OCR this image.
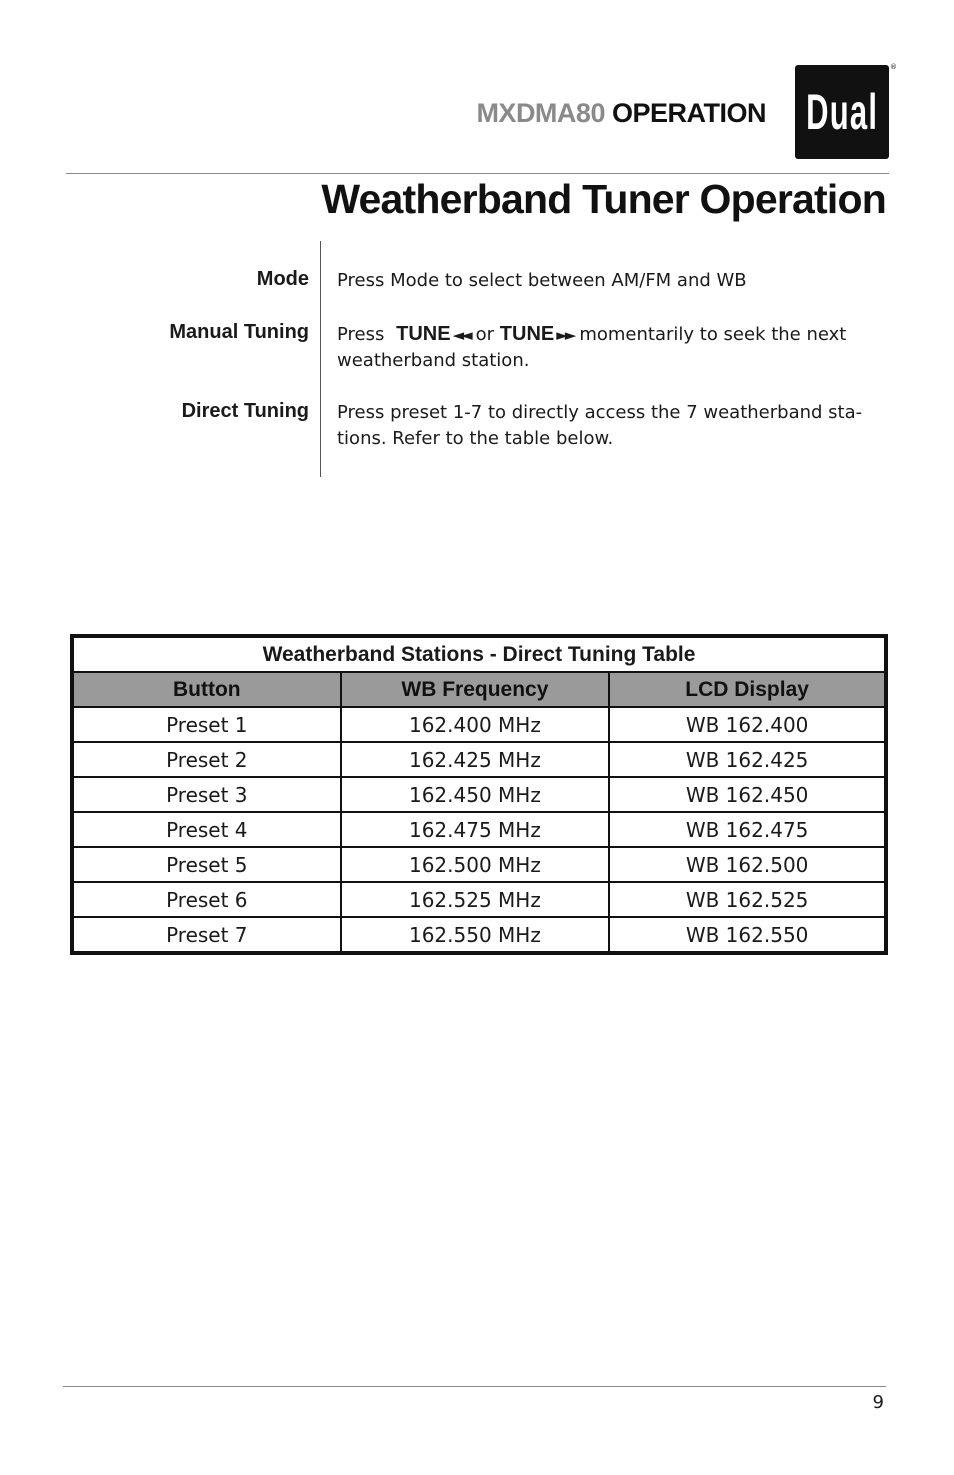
MXDMA80 OPERATION Dual
®
Weatherband Tuner Operation
Mode Press Mode to select between AM/FM and WB
Manual Tuning Press TUNE ◄◄ or TUNE ►► momentarily to seek the next weatherband station.
Direct Tuning Press preset 1-7 to directly access the 7 weatherband sta-tions. Refer to the table below.
Weatherband Stations - Direct Tuning Table		
Button	WB Frequency	LCD Display
Preset 1	162.400 MHz	WB 162.400
Preset 2	162.425 MHz	WB 162.425
Preset 3	162.450 MHz	WB 162.450
Preset 4	162.475 MHz	WB 162.475
Preset 5	162.500 MHz	WB 162.500
Preset 6	162.525 MHz	WB 162.525
Preset 7	162.550 MHz	WB 162.550
9
